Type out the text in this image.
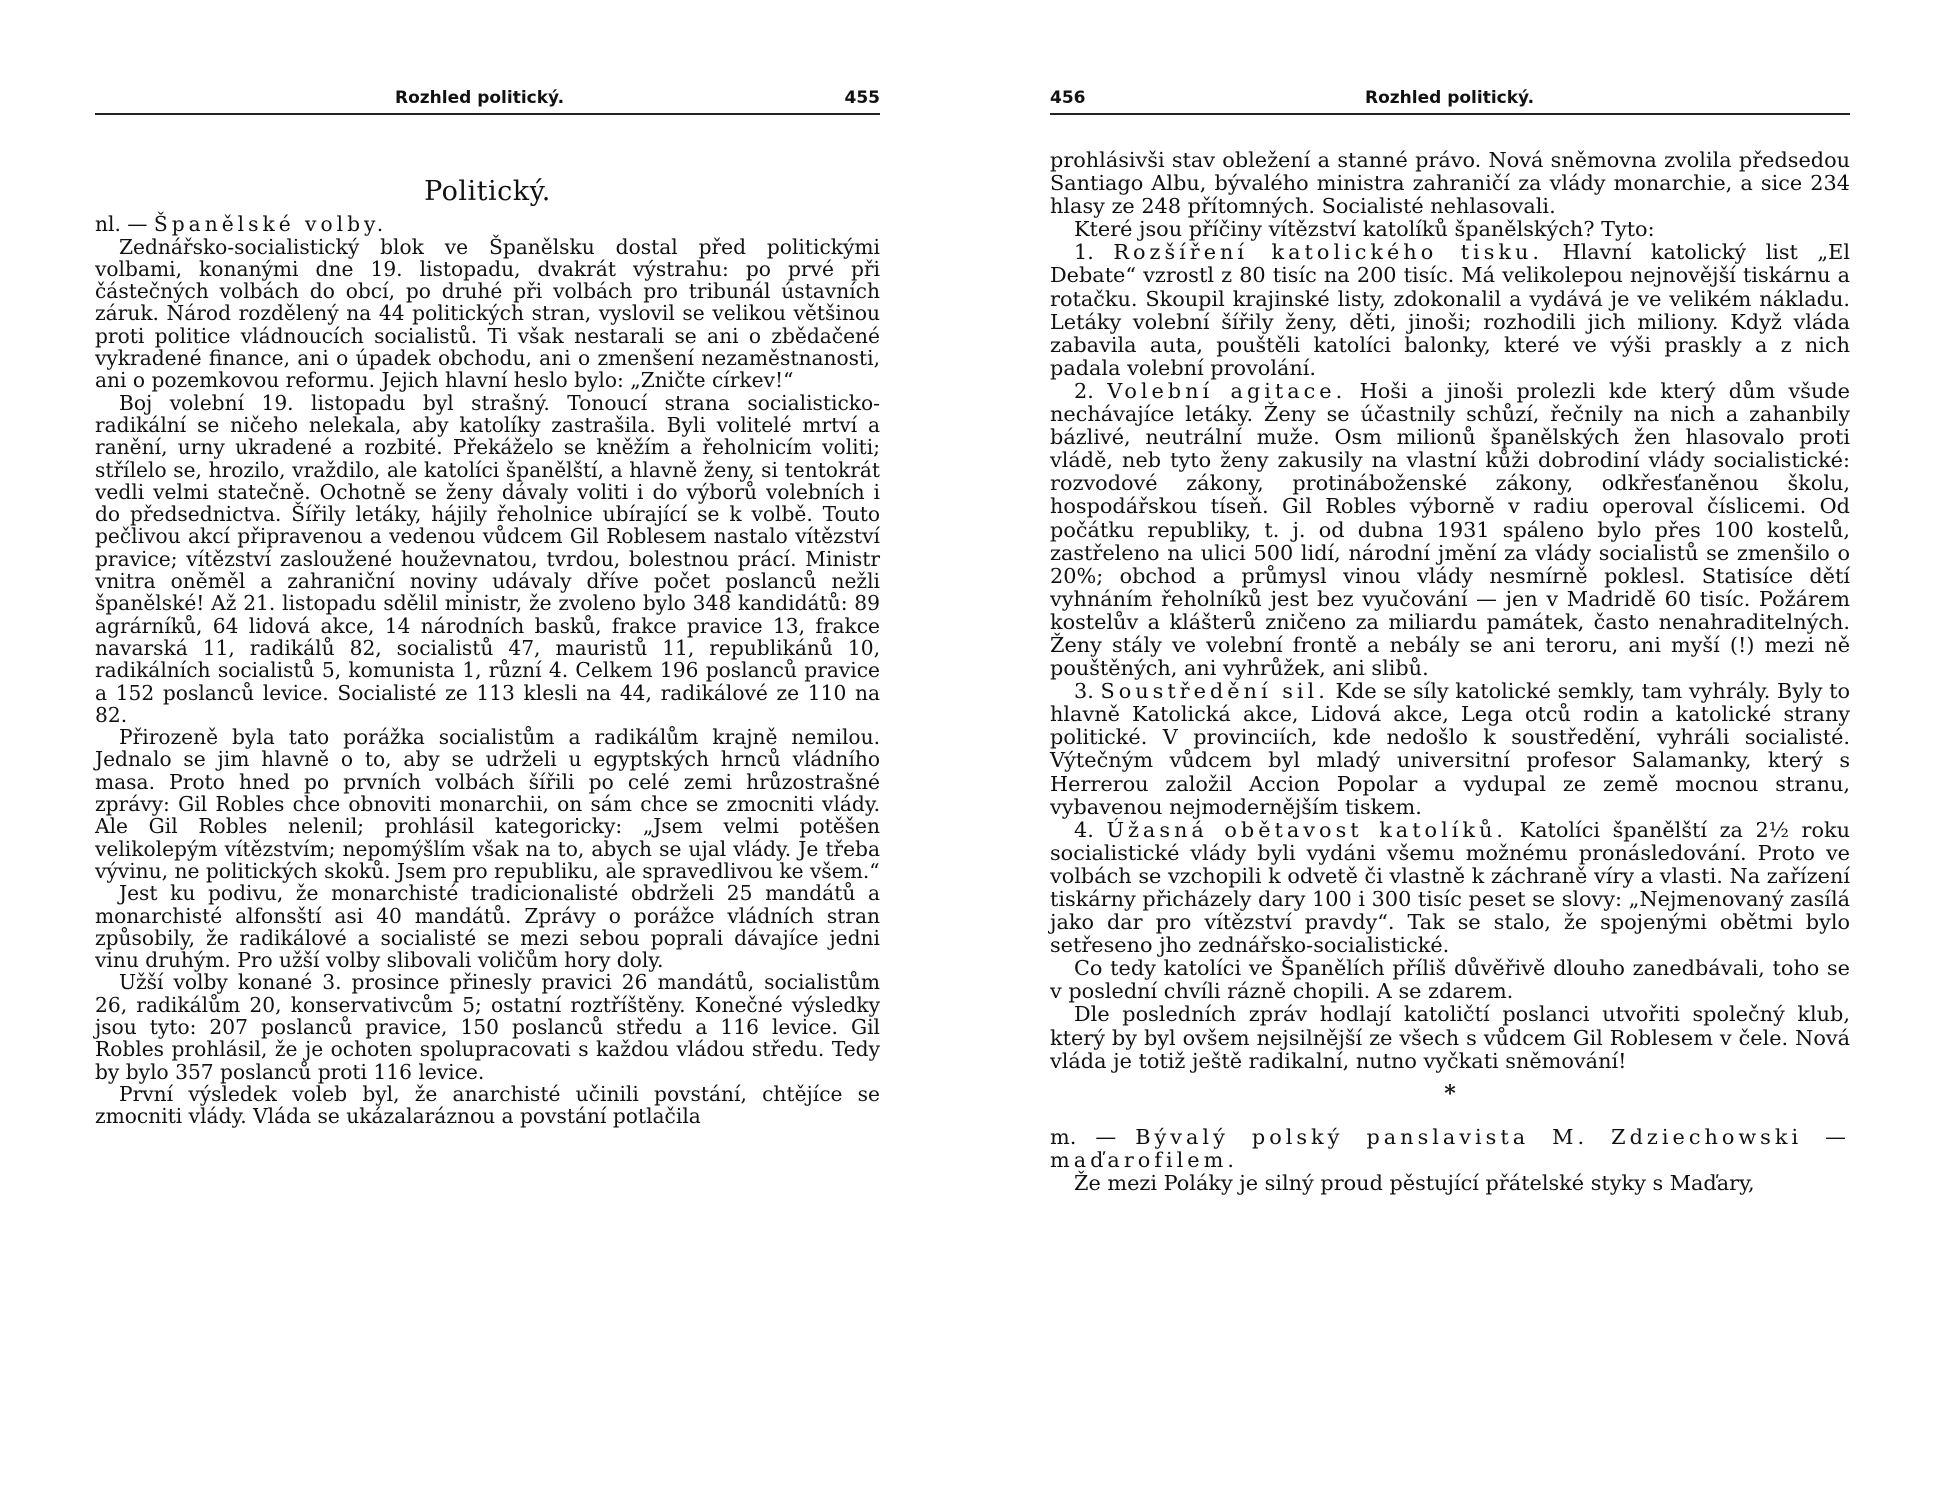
Rozhled politický.	455
Politický.

nl. — Španělské volby.

Zednářsko-socialistický blok ve Španělsku dostal před politickými volbami, konanými dne 19. listopadu, dvakrát výstrahu: po prvé při částečných volbách do obcí, po druhé při volbách pro tribunál ústavních záruk. Národ rozdělený na 44 politických stran, vyslovil se velikou většinou proti politice vládnoucích socialistů. Ti však nestarali se ani o zbědačené vykradené finance, ani o úpadek obchodu, ani o zmenšení nezaměstnanosti, ani o pozemkovou reformu. Jejich hlavní heslo bylo: „Zničte církev!“

Boj volební 19. listopadu byl strašný. Tonoucí strana socialisticko-radikální se ničeho nelekala, aby katolíky zastrašila. Byli volitelé mrtví a ranění, urny ukradené a rozbité. Překáželo se kněžím a řeholnicím voliti; střílelo se, hrozilo, vraždilo, ale katolíci španělští, a hlavně ženy, si tentokrát vedli velmi statečně. Ochotně se ženy dávaly voliti i do výborů volebních i do předsednictva. Šířily letáky, hájily řeholnice ubírající se k volbě. Touto pečlivou akcí připravenou a vedenou vůdcem Gil Roblesem nastalo vítězství pravice; vítězství zasloužené houževnatou, tvrdou, bolestnou prácí. Ministr vnitra oněměl a zahraniční noviny udávaly dříve počet poslanců nežli španělské! Až 21. listopadu sdělil ministr, že zvoleno bylo 348 kandidátů: 89 agrárníků, 64 lidová akce, 14 národních basků, frakce pravice 13, frakce navarská 11, radikálů 82, socialistů 47, mauristů 11, republikánů 10, radikálních socialistů 5, komunista 1, různí 4. Celkem 196 poslanců pravice a 152 poslanců levice. Socialisté ze 113 klesli na 44, radikálové ze 110 na 82.

Přirozeně byla tato porážka socialistům a radikálům krajně nemilou. Jednalo se jim hlavně o to, aby se udrželi u egyptských hrnců vládního masa. Proto hned po prvních volbách šířili po celé zemi hrůzostrašné zprávy: Gil Robles chce obnoviti monarchii, on sám chce se zmocniti vlády. Ale Gil Robles nelenil; prohlásil kategoricky: „Jsem velmi potěšen velikolepým vítězstvím; nepomýšlím však na to, abych se ujal vlády. Je třeba vývinu, ne politických skoků. Jsem pro republiku, ale spravedlivou ke všem.“

Jest ku podivu, že monarchisté tradicionalisté obdrželi 25 mandátů a monarchisté alfonsští asi 40 mandátů. Zprávy o porážce vládních stran způsobily, že radikálové a socialisté se mezi sebou poprali dávajíce jedni vinu druhým. Pro užší volby slibovali voličům hory doly.

Užší volby konané 3. prosince přinesly pravici 26 mandátů, socialistům 26, radikálům 20, konservativcům 5; ostatní roztříštěny. Konečné výsledky jsou tyto: 207 poslanců pravice, 150 poslanců středu a 116 levice. Gil Robles prohlásil, že je ochoten spolupracovati s každou vládou středu. Tedy by bylo 357 poslanců proti 116 levice.

První výsledek voleb byl, že anarchisté učinili povstání, chtějíce se zmocniti vlády. Vláda se ukázalaráznou a povstání potlačila

456	Rozhled politický.

prohlásivši stav obležení a stanné právo. Nová sněmovna zvolila předsedou Santiago Albu, bývalého ministra zahraničí za vlády monarchie, a sice 234 hlasy ze 248 přítomných. Socialisté nehlasovali.

Které jsou příčiny vítězství katolíků španělských? Tyto:

1. Rozšíření katolického tisku. Hlavní katolický list „El Debate“ vzrostl z 80 tisíc na 200 tisíc. Má velikolepou nejnovější tiskárnu a rotačku. Skoupil krajinské listy, zdokonalil a vydává je ve velikém nákladu. Letáky volební šířily ženy, děti, jinoši; rozhodili jich miliony. Když vláda zabavila auta, pouštěli katolíci balonky, které ve výši praskly a z nich padala volební provolání.

2. Volební agitace. Hoši a jinoši prolezli kde který dům všude nechávajíce letáky. Ženy se účastnily schůzí, řečnily na nich a zahanbily bázlivé, neutrální muže. Osm milionů španělských žen hlasovalo proti vládě, neb tyto ženy zakusily na vlastní kůži dobrodiní vlády socialistické: rozvodové zákony, protináboženské zákony, odkřesťaněnou školu, hospodářskou tíseň. Gil Robles výborně v radiu operoval číslicemi. Od počátku republiky, t. j. od dubna 1931 spáleno bylo přes 100 kostelů, zastřeleno na ulici 500 lidí, národní jmění za vlády socialistů se zmenšilo o 20%; obchod a průmysl vinou vlády nesmírně poklesl. Statisíce dětí vyhnáním řeholníků jest bez vyučování — jen v Madridě 60 tisíc. Požárem kostelův a klášterů zničeno za miliardu památek, často nenahraditelných. Ženy stály ve volební frontě a nebály se ani teroru, ani myší (!) mezi ně pouštěných, ani vyhrůžek, ani slibů.

3. Soustředění sil. Kde se síly katolické semkly, tam vyhrály. Byly to hlavně Katolická akce, Lidová akce, Lega otců rodin a katolické strany politické. V provinciích, kde nedošlo k soustředění, vyhráli socialisté. Výtečným vůdcem byl mladý universitní profesor Salamanky, který s Herrerou založil Accion Popolar a vydupal ze země mocnou stranu, vybavenou nejmodernějším tiskem.

4. Úžasná obětavost katolíků. Katolíci španělští za 2½ roku socialistické vlády byli vydáni všemu možnému pronásledování. Proto ve volbách se vzchopili k odvetě či vlastně k záchraně víry a vlasti. Na zařízení tiskárny přicházely dary 100 i 300 tisíc peset se slovy: „Nejmenovaný zasílá jako dar pro vítězství pravdy“. Tak se stalo, že spojenými obětmi bylo setřeseno jho zednářsko-socialistické.

Co tedy katolíci ve Španělích příliš důvěřivě dlouho zanedbávali, toho se v poslední chvíli rázně chopili. A se zdarem.

Dle posledních zpráv hodlají katoličtí poslanci utvořiti společný klub, který by byl ovšem nejsilnější ze všech s vůdcem Gil Roblesem v čele. Nová vláda je totiž ještě radikalní, nutno vyčkati sněmování!

*

m. — Bývalý polský panslavista M. Zdziechowski — maďarofilem.

Že mezi Poláky je silný proud pěstující přátelské styky s Maďary,
